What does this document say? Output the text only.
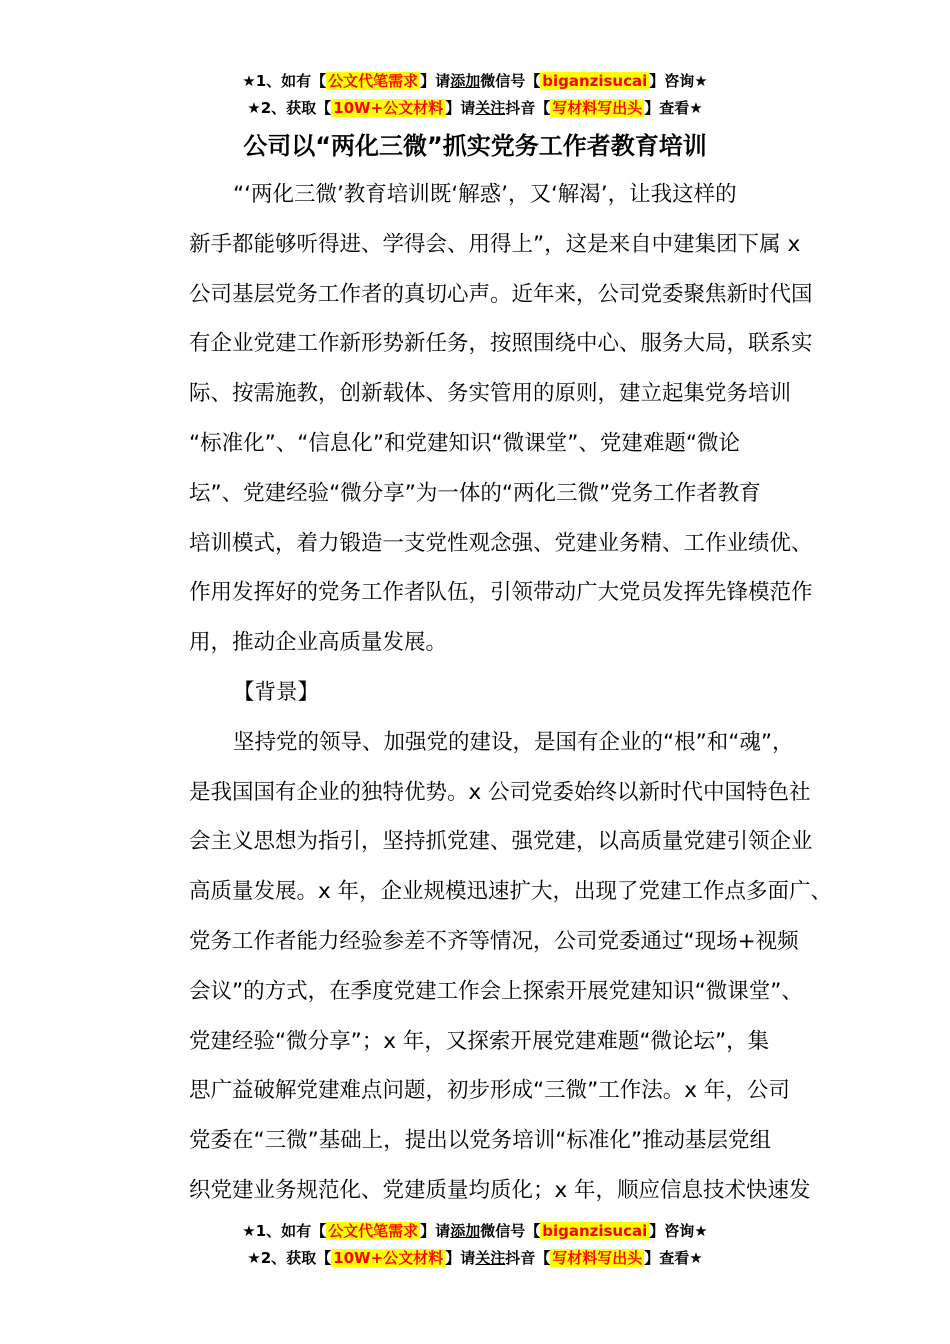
★1、如有【 公文代笔需求 】请添加微信号【 biganzisucai 】咨询★
★2、获取【 10W+公文材料 】请关注抖音【 写材料写出头 】查看★
公司以“两化三微”抓实党务工作者教育培训
“‘两化三微’教育培训既‘解惑’，又‘解渴’，让我这样的
新手都能够听得进、学得会、用得上”，这是来自中建集团下属 x
公司基层党务工作者的真切心声。近年来，公司党委聚焦新时代国
有企业党建工作新形势新任务，按照围绕中心、服务大局，联系实
际、按需施教，创新载体、务实管用的原则，建立起集党务培训
“标准化”、“信息化”和党建知识“微课堂”、党建难题“微论
坛”、党建经验“微分享”为一体的“两化三微”党务工作者教育
培训模式，着力锻造一支党性观念强、党建业务精、工作业绩优、
作用发挥好的党务工作者队伍，引领带动广大党员发挥先锋模范作
用，推动企业高质量发展。
【背景】
坚持党的领导、加强党的建设，是国有企业的“根”和“魂”，
是我国国有企业的独特优势。x 公司党委始终以新时代中国特色社
会主义思想为指引，坚持抓党建、强党建，以高质量党建引领企业
高质量发展。x 年，企业规模迅速扩大，出现了党建工作点多面广、
党务工作者能力经验参差不齐等情况，公司党委通过“现场+视频
会议”的方式，在季度党建工作会上探索开展党建知识“微课堂”、
党建经验“微分享”；x 年，又探索开展党建难题“微论坛”，集
思广益破解党建难点问题，初步形成“三微”工作法。x 年，公司
党委在“三微”基础上，提出以党务培训“标准化”推动基层党组
织党建业务规范化、党建质量均质化；x 年，顺应信息技术快速发
★1、如有【 公文代笔需求 】请添加微信号【 biganzisucai 】咨询★
★2、获取【 10W+公文材料 】请关注抖音【 写材料写出头 】查看★
